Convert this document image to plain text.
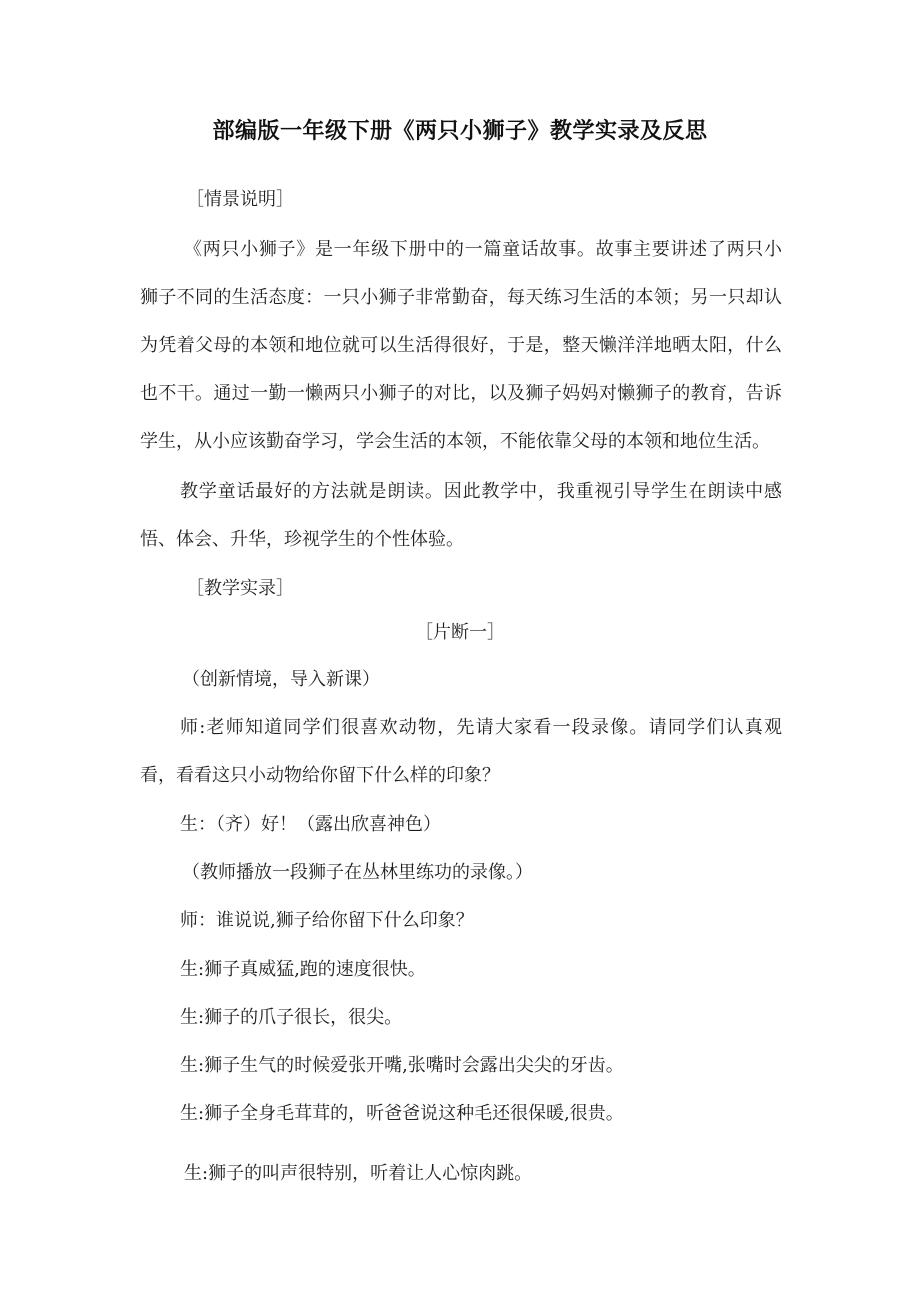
部编版一年级下册《两只小狮子》教学实录及反思
［情景说明］
《两只小狮子》是一年级下册中的一篇童话故事。故事主要讲述了两只小
狮子不同的生活态度：一只小狮子非常勤奋，每天练习生活的本领；另一只却认
为凭着父母的本领和地位就可以生活得很好，于是，整天懒洋洋地晒太阳，什么
也不干。通过一勤一懒两只小狮子的对比，以及狮子妈妈对懒狮子的教育，告诉
学生，从小应该勤奋学习，学会生活的本领，不能依靠父母的本领和地位生活。
教学童话最好的方法就是朗读。因此教学中，我重视引导学生在朗读中感
悟、体会、升华，珍视学生的个性体验。
［教学实录］
［片断一］
（创新情境，导入新课）
师:老师知道同学们很喜欢动物，先请大家看一段录像。请同学们认真观
看，看看这只小动物给你留下什么样的印象？
生：（齐）好！（露出欣喜神色）
（教师播放一段狮子在丛林里练功的录像。）
师：谁说说,狮子给你留下什么印象？
生:狮子真威猛,跑的速度很快。
生:狮子的爪子很长，很尖。
生:狮子生气的时候爱张开嘴,张嘴时会露出尖尖的牙齿。
生:狮子全身毛茸茸的，听爸爸说这种毛还很保暖,很贵。
生:狮子的叫声很特别，听着让人心惊肉跳。
